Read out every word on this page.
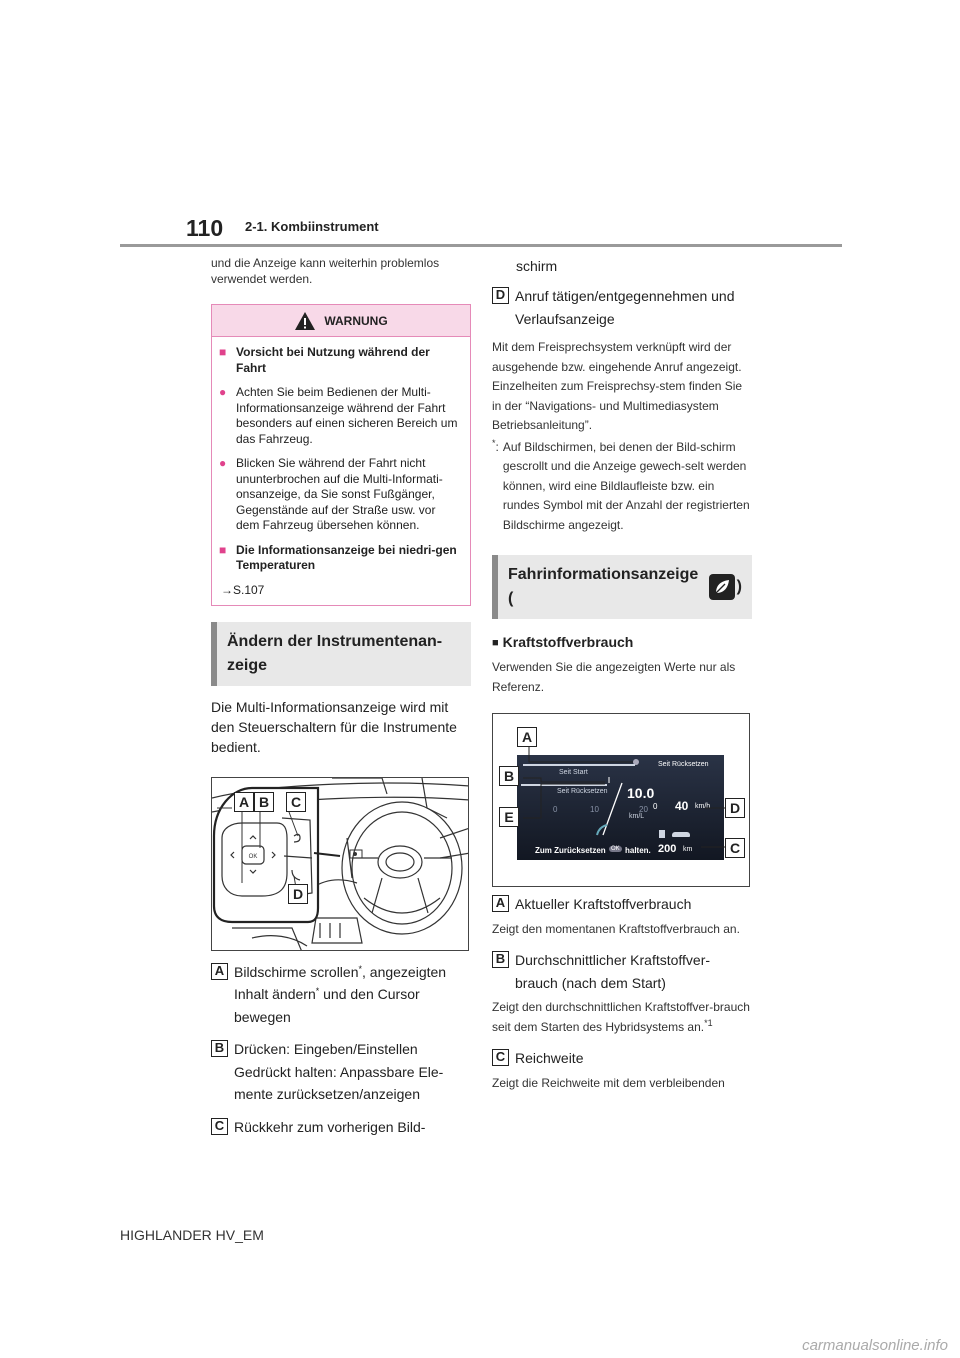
110 2-1. Kombiinstrument

und die Anzeige kann weiterhin problemlos verwendet werden.

WARNUNG
■ Vorsicht bei Nutzung während der Fahrt
● Achten Sie beim Bedienen der Multi-Informationsanzeige während der Fahrt besonders auf einen sicheren Bereich um das Fahrzeug.
● Blicken Sie während der Fahrt nicht ununterbrochen auf die Multi-Informati-onsanzeige, da Sie sonst Fußgänger, Gegenstände auf der Straße usw. vor dem Fahrzeug übersehen können.
■ Die Informationsanzeige bei niedri-gen Temperaturen
→S.107
Ändern der Instrumentenan-zeige

Die Multi-Informationsanzeige wird mit den Steuerschaltern für die Instrumente bedient.

OK
A B	C
D
A Bildschirme scrollen*, angezeigten Inhalt ändern* und den Cursor bewegen
B Drücken: Eingeben/Einstellen Gedrückt halten: Anpassbare Ele-mente zurücksetzen/anzeigen
C Rückkehr zum vorherigen Bild-

schirm

D Anruf tätigen/entgegennehmen und Verlaufsanzeige

Mit dem Freisprechsystem verknüpft wird der ausgehende bzw. eingehende Anruf angezeigt. Einzelheiten zum Freisprechsy-stem finden Sie in der “Navigations- und Multimediasystem Betriebsanleitung”.

*: Auf Bildschirmen, bei denen der Bild-schirm gescrollt und die Anzeige gewech-selt werden können, wird eine Bildlaufleiste bzw. ein rundes Symbol mit der Anzahl der registrierten Bildschirme angezeigt.
Fahrinformationsanzeige (
)
■ Kraftstoffverbrauch

Verwenden Sie die angezeigten Werte nur als Referenz.

Seit Start
Seit Rücksetzen 10.0
0	10	20
km/L
Seit Rücksetzen
0 40 km/h
Zum Zurücksetzen OK halten. 200 km
A
B
E
D
C
A Aktueller Kraftstoffverbrauch

Zeigt den momentanen Kraftstoffverbrauch an.

B Durchschnittlicher Kraftstoffver-brauch (nach dem Start)

Zeigt den durchschnittlichen Kraftstoffver-brauch seit dem Starten des Hybridsystems an.$^{*1}$

C Reichweite

Zeigt die Reichweite mit dem verbleibenden

HIGHLANDER HV_EM
carmanualsonline.info
